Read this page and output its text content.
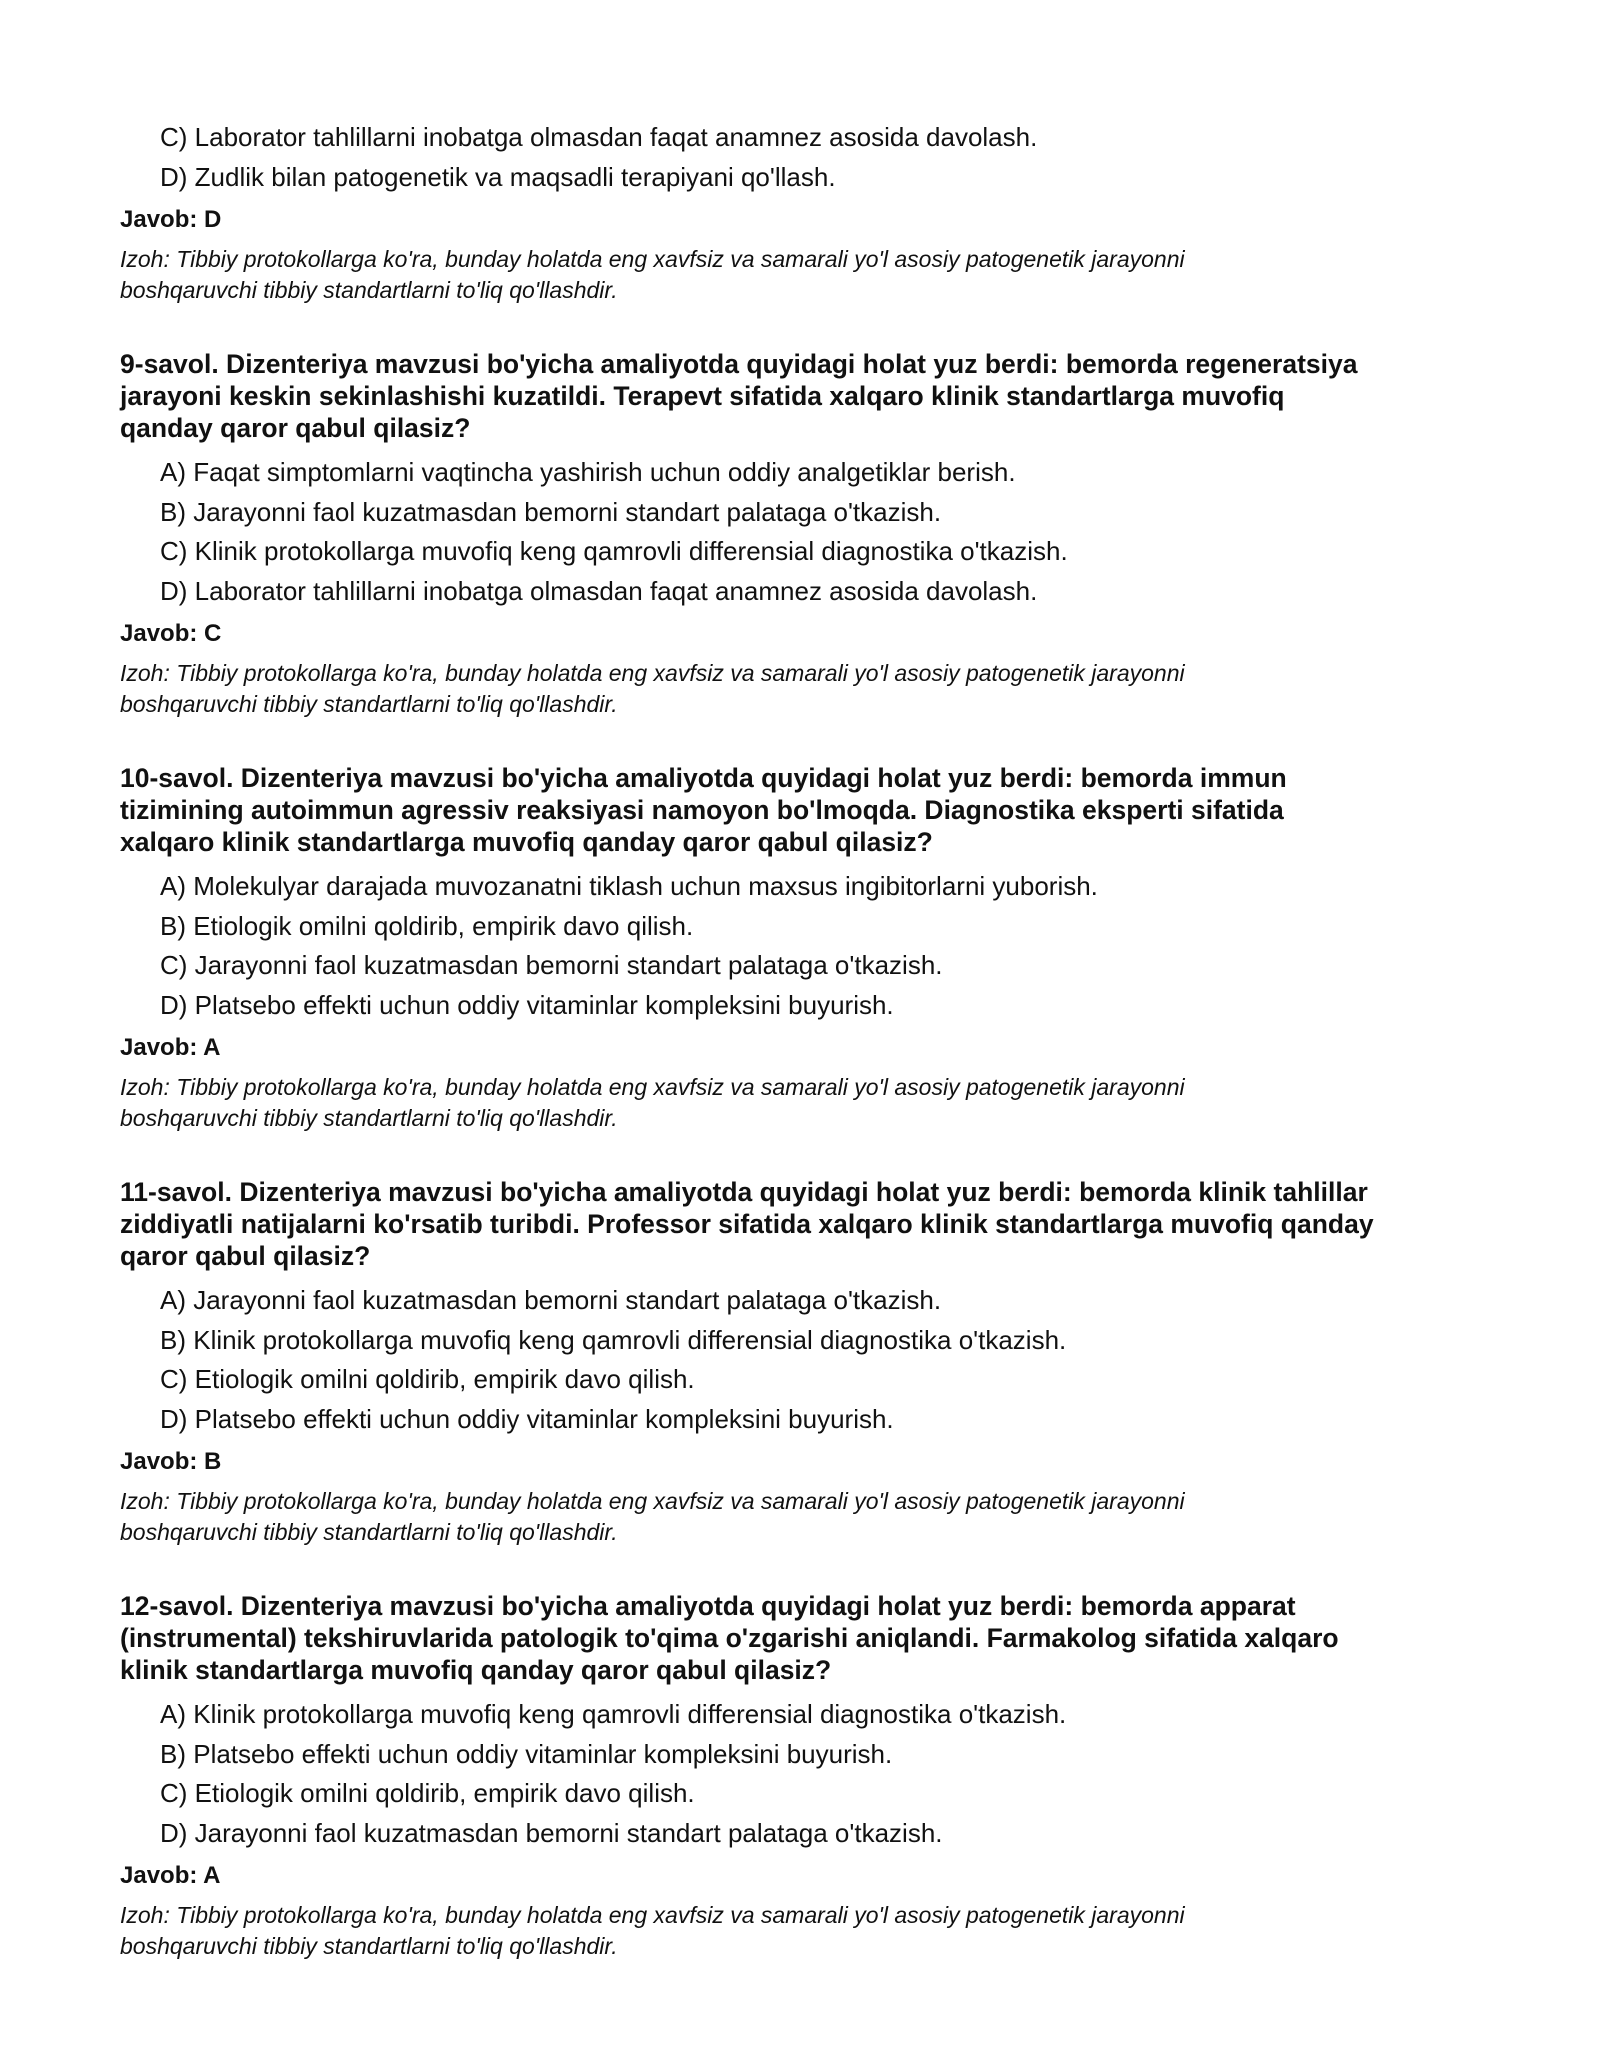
C) Laborator tahlillarni inobatga olmasdan faqat anamnez asosida davolash.
D) Zudlik bilan patogenetik va maqsadli terapiyani qo'llash.
Javob: D
Izoh: Tibbiy protokollarga ko'ra, bunday holatda eng xavfsiz va samarali yo'l asosiy patogenetik jarayonni
boshqaruvchi tibbiy standartlarni to'liq qo'llashdir.
9-savol. Dizenteriya mavzusi bo'yicha amaliyotda quyidagi holat yuz berdi: bemorda regeneratsiya
jarayoni keskin sekinlashishi kuzatildi. Terapevt sifatida xalqaro klinik standartlarga muvofiq
qanday qaror qabul qilasiz?
A) Faqat simptomlarni vaqtincha yashirish uchun oddiy analgetiklar berish.
B) Jarayonni faol kuzatmasdan bemorni standart palataga o'tkazish.
C) Klinik protokollarga muvofiq keng qamrovli differensial diagnostika o'tkazish.
D) Laborator tahlillarni inobatga olmasdan faqat anamnez asosida davolash.
Javob: C
Izoh: Tibbiy protokollarga ko'ra, bunday holatda eng xavfsiz va samarali yo'l asosiy patogenetik jarayonni
boshqaruvchi tibbiy standartlarni to'liq qo'llashdir.
10-savol. Dizenteriya mavzusi bo'yicha amaliyotda quyidagi holat yuz berdi: bemorda immun
tizimining autoimmun agressiv reaksiyasi namoyon bo'lmoqda. Diagnostika eksperti sifatida
xalqaro klinik standartlarga muvofiq qanday qaror qabul qilasiz?
A) Molekulyar darajada muvozanatni tiklash uchun maxsus ingibitorlarni yuborish.
B) Etiologik omilni qoldirib, empirik davo qilish.
C) Jarayonni faol kuzatmasdan bemorni standart palataga o'tkazish.
D) Platsebo effekti uchun oddiy vitaminlar kompleksini buyurish.
Javob: A
Izoh: Tibbiy protokollarga ko'ra, bunday holatda eng xavfsiz va samarali yo'l asosiy patogenetik jarayonni
boshqaruvchi tibbiy standartlarni to'liq qo'llashdir.
11-savol. Dizenteriya mavzusi bo'yicha amaliyotda quyidagi holat yuz berdi: bemorda klinik tahlillar
ziddiyatli natijalarni ko'rsatib turibdi. Professor sifatida xalqaro klinik standartlarga muvofiq qanday
qaror qabul qilasiz?
A) Jarayonni faol kuzatmasdan bemorni standart palataga o'tkazish.
B) Klinik protokollarga muvofiq keng qamrovli differensial diagnostika o'tkazish.
C) Etiologik omilni qoldirib, empirik davo qilish.
D) Platsebo effekti uchun oddiy vitaminlar kompleksini buyurish.
Javob: B
Izoh: Tibbiy protokollarga ko'ra, bunday holatda eng xavfsiz va samarali yo'l asosiy patogenetik jarayonni
boshqaruvchi tibbiy standartlarni to'liq qo'llashdir.
12-savol. Dizenteriya mavzusi bo'yicha amaliyotda quyidagi holat yuz berdi: bemorda apparat
(instrumental) tekshiruvlarida patologik to'qima o'zgarishi aniqlandi. Farmakolog sifatida xalqaro
klinik standartlarga muvofiq qanday qaror qabul qilasiz?
A) Klinik protokollarga muvofiq keng qamrovli differensial diagnostika o'tkazish.
B) Platsebo effekti uchun oddiy vitaminlar kompleksini buyurish.
C) Etiologik omilni qoldirib, empirik davo qilish.
D) Jarayonni faol kuzatmasdan bemorni standart palataga o'tkazish.
Javob: A
Izoh: Tibbiy protokollarga ko'ra, bunday holatda eng xavfsiz va samarali yo'l asosiy patogenetik jarayonni
boshqaruvchi tibbiy standartlarni to'liq qo'llashdir.
